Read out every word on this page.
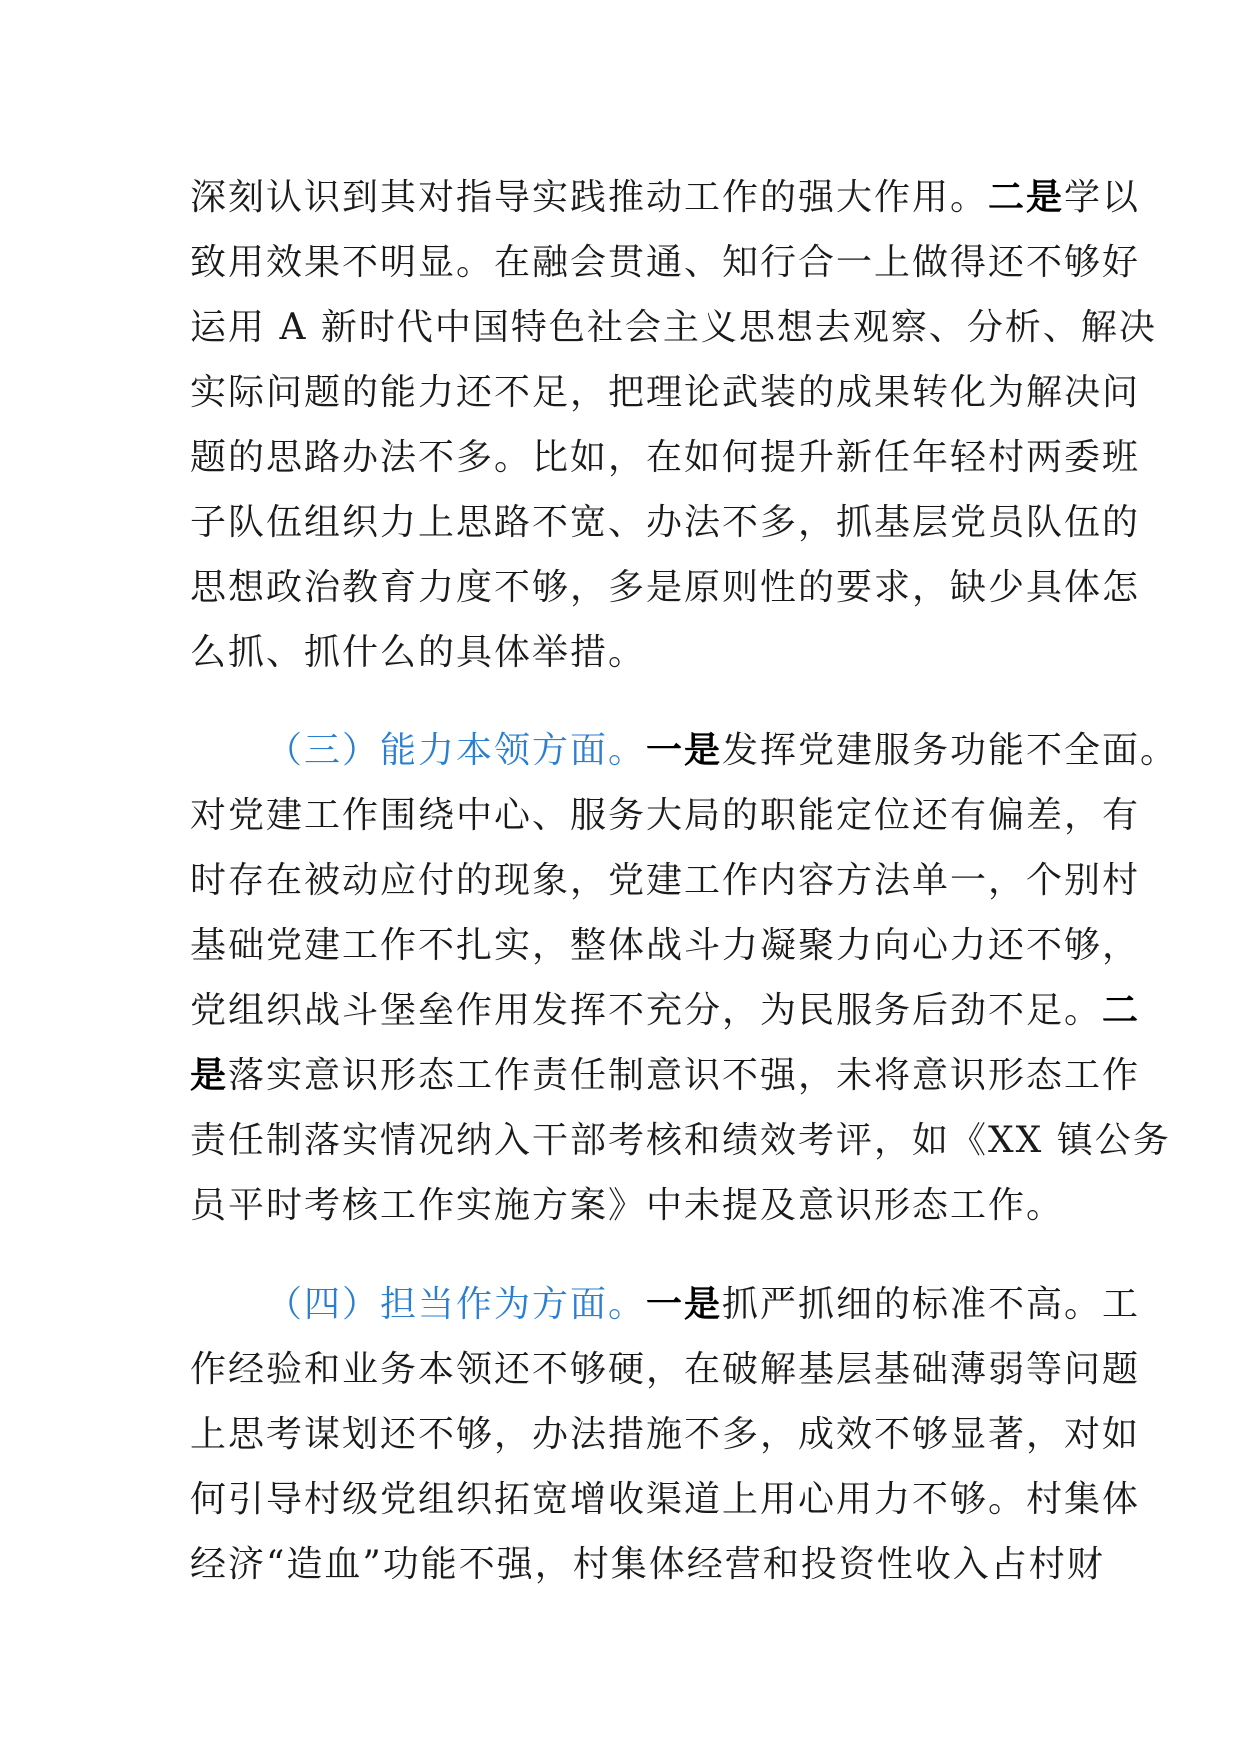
深刻认识到其对指导实践推动工作的强大作用。二是学以
致用效果不明显。在融会贯通、知行合一上做得还不够好
运用 A 新时代中国特色社会主义思想去观察、分析、解决
实际问题的能力还不足，把理论武装的成果转化为解决问
题的思路办法不多。比如，在如何提升新任年轻村两委班
子队伍组织力上思路不宽、办法不多，抓基层党员队伍的
思想政治教育力度不够，多是原则性的要求，缺少具体怎
么抓、抓什么的具体举措。
（三）能力本领方面。一是发挥党建服务功能不全面。
对党建工作围绕中心、服务大局的职能定位还有偏差，有
时存在被动应付的现象，党建工作内容方法单一，个别村
基础党建工作不扎实，整体战斗力凝聚力向心力还不够，
党组织战斗堡垒作用发挥不充分，为民服务后劲不足。二
是落实意识形态工作责任制意识不强，未将意识形态工作
责任制落实情况纳入干部考核和绩效考评，如《XX 镇公务
员平时考核工作实施方案》中未提及意识形态工作。
（四）担当作为方面。一是抓严抓细的标准不高。工
作经验和业务本领还不够硬，在破解基层基础薄弱等问题
上思考谋划还不够，办法措施不多，成效不够显著，对如
何引导村级党组织拓宽增收渠道上用心用力不够。村集体
经济“造血”功能不强，村集体经营和投资性收入占村财
